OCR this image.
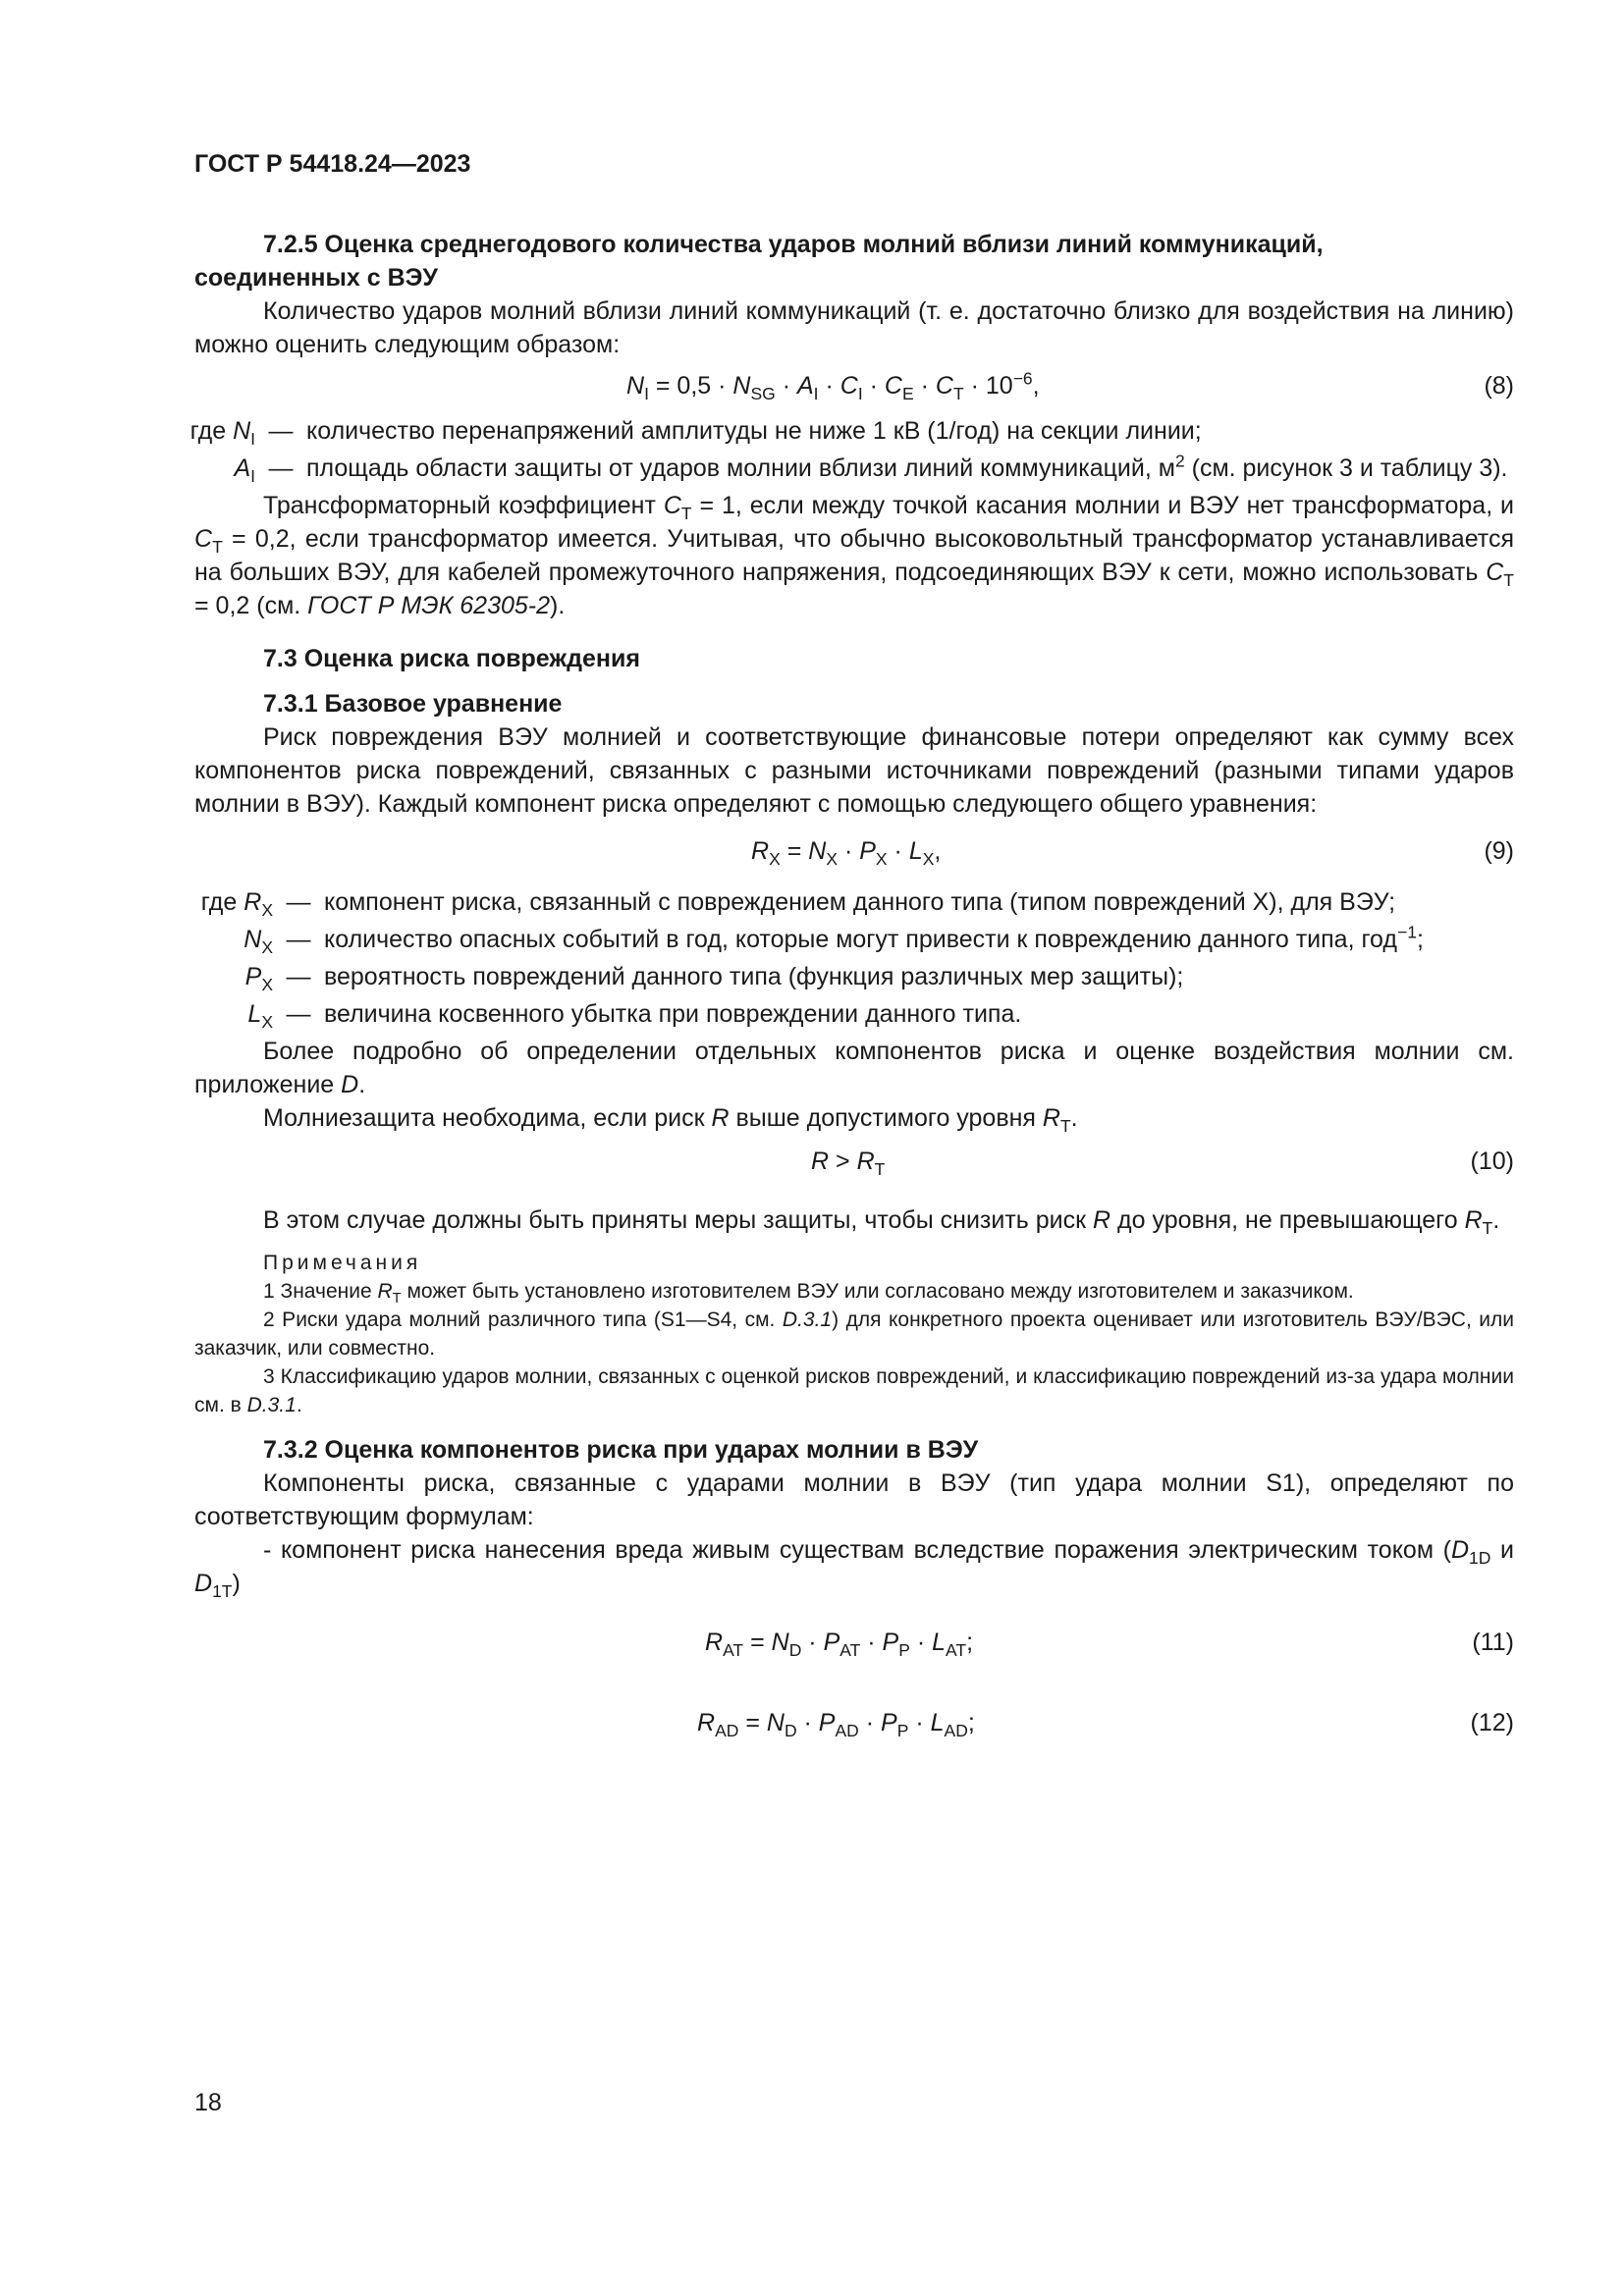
ГОСТ Р 54418.24—2023
7.2.5 Оценка среднегодового количества ударов молний вблизи линий коммуникаций,
соединенных с ВЭУ
Количество ударов молний вблизи линий коммуникаций (т. е. достаточно близко для воздействия на линию) можно оценить следующим образом:
$N_I = 0,5 \cdot N_{SG} \cdot A_I \cdot C_I \cdot C_E \cdot C_T \cdot 10^{-6}$,	(8)
где $N_I$ — количество перенапряжений амплитуды не ниже 1 кВ (1/год) на секции линии;
$A_I$ — площадь области защиты от ударов молнии вблизи линий коммуникаций, $м^2$ (см. рисунок 3 и таблицу 3).
Трансформаторный коэффициент $C_T = 1$, если между точкой касания молнии и ВЭУ нет трансформатора, и $C_T = 0,2$, если трансформатор имеется. Учитывая, что обычно высоковольтный трансформатор устанавливается на больших ВЭУ, для кабелей промежуточного напряжения, подсоединяющих ВЭУ к сети, можно использовать $C_T = 0,2$ (см. ГОСТ Р МЭК 62305-2).
7.3 Оценка риска повреждения
7.3.1 Базовое уравнение
Риск повреждения ВЭУ молнией и соответствующие финансовые потери определяют как сумму всех компонентов риска повреждений, связанных с разными источниками повреждений (разными типами ударов молнии в ВЭУ). Каждый компонент риска определяют с помощью следующего общего уравнения:
$R_X = N_X \cdot P_X \cdot L_X$,	(9)
где $R_X$ — компонент риска, связанный с повреждением данного типа (типом повреждений X), для ВЭУ;
$N_X$ — количество опасных событий в год, которые могут привести к повреждению данного типа, год$^{-1}$;
$P_X$ — вероятность повреждений данного типа (функция различных мер защиты);
$L_X$ — величина косвенного убытка при повреждении данного типа.
Более подробно об определении отдельных компонентов риска и оценке воздействия молнии см. приложение D.
Молниезащита необходима, если риск R выше допустимого уровня $R_T$.
$R > R_T$	(10)
В этом случае должны быть приняты меры защиты, чтобы снизить риск R до уровня, не превышающего $R_T$.
Примечания
1 Значение $R_T$ может быть установлено изготовителем ВЭУ или согласовано между изготовителем и заказчиком.
2 Риски удара молний различного типа (S1—S4, см. D.3.1) для конкретного проекта оценивает или изготовитель ВЭУ/ВЭС, или заказчик, или совместно.
3 Классификацию ударов молнии, связанных с оценкой рисков повреждений, и классификацию повреждений из-за удара молнии см. в D.3.1.
7.3.2 Оценка компонентов риска при ударах молнии в ВЭУ
Компоненты риска, связанные с ударами молнии в ВЭУ (тип удара молнии S1), определяют по соответствующим формулам:
- компонент риска нанесения вреда живым существам вследствие поражения электрическим током ($D_{1D}$ и $D_{1T}$)
$R_{AT} = N_D \cdot P_{AT} \cdot P_P \cdot L_{AT}$;	(11)
$R_{AD} = N_D \cdot P_{AD} \cdot P_P \cdot L_{AD}$;	(12)
18
